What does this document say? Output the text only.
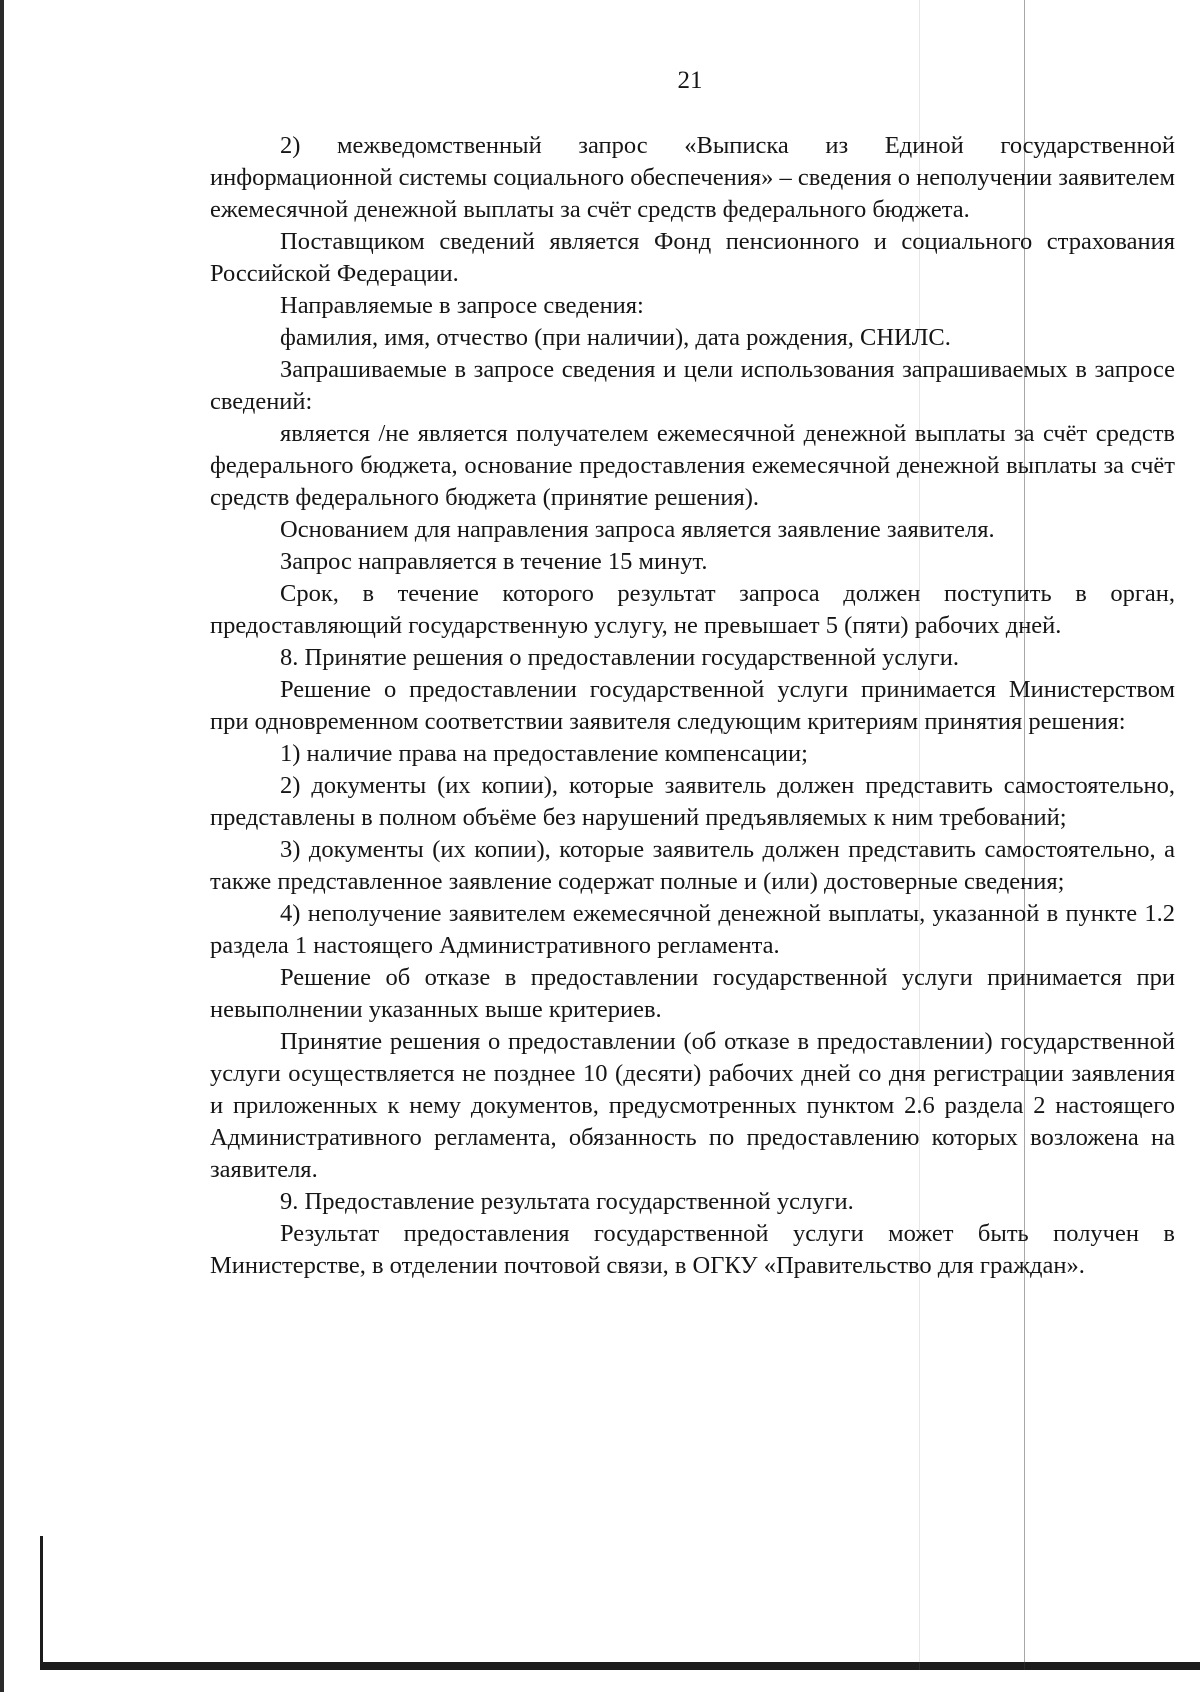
21

2) межведомственный запрос «Выписка из Единой государственной информационной системы социального обеспечения» – сведения о неполучении заявителем ежемесячной денежной выплаты за счёт средств федерального бюджета.

Поставщиком сведений является Фонд пенсионного и социального страхования Российской Федерации.

Направляемые в запросе сведения:

фамилия, имя, отчество (при наличии), дата рождения, СНИЛС.

Запрашиваемые в запросе сведения и цели использования запрашиваемых в запросе сведений:

является /не является получателем ежемесячной денежной выплаты за счёт средств федерального бюджета, основание предоставления ежемесячной денежной выплаты за счёт средств федерального бюджета (принятие решения).

Основанием для направления запроса является заявление заявителя.

Запрос направляется в течение 15 минут.

Срок, в течение которого результат запроса должен поступить в орган, предоставляющий государственную услугу, не превышает 5 (пяти) рабочих дней.

8. Принятие решения о предоставлении государственной услуги.

Решение о предоставлении государственной услуги принимается Министерством при одновременном соответствии заявителя следующим критериям принятия решения:

1) наличие права на предоставление компенсации;

2) документы (их копии), которые заявитель должен представить самостоятельно, представлены в полном объёме без нарушений предъявляемых к ним требований;

3) документы (их копии), которые заявитель должен представить самостоятельно, а также представленное заявление содержат полные и (или) достоверные сведения;

4) неполучение заявителем ежемесячной денежной выплаты, указанной в пункте 1.2 раздела 1 настоящего Административного регламента.

Решение об отказе в предоставлении государственной услуги принимается при невыполнении указанных выше критериев.

Принятие решения о предоставлении (об отказе в предоставлении) государственной услуги осуществляется не позднее 10 (десяти) рабочих дней со дня регистрации заявления и приложенных к нему документов, предусмотренных пунктом 2.6 раздела 2 настоящего Административного регламента, обязанность по предоставлению которых возложена на заявителя.

9. Предоставление результата государственной услуги.

Результат предоставления государственной услуги может быть получен в Министерстве, в отделении почтовой связи, в ОГКУ «Правительство для граждан».
